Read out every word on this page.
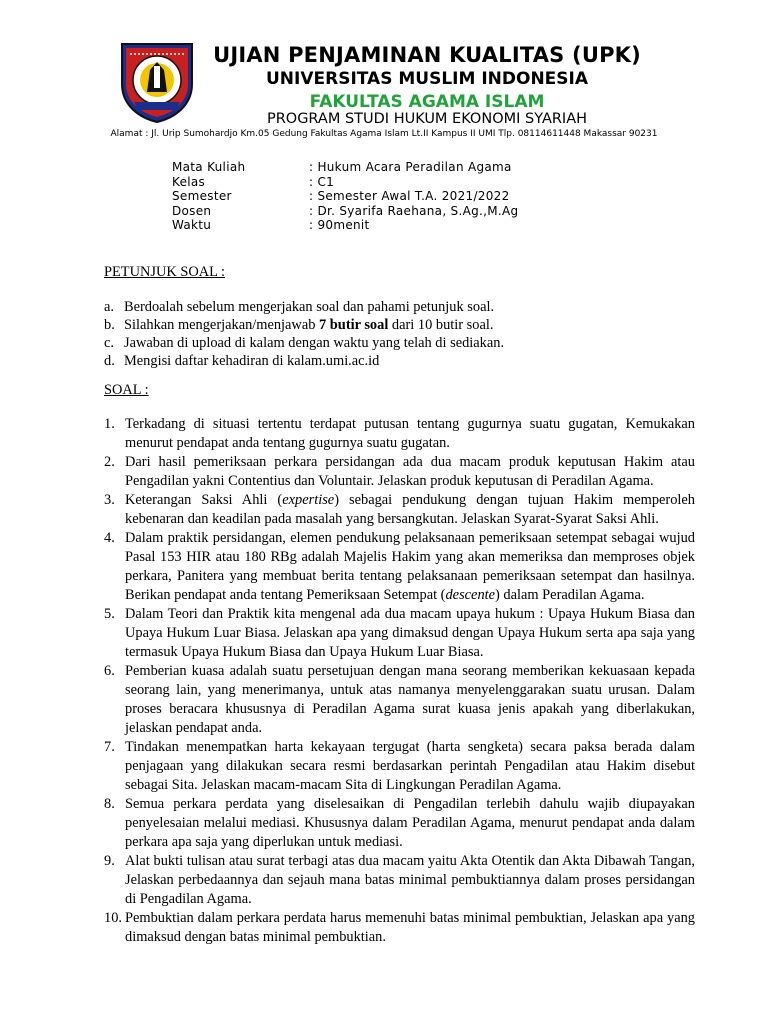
UJIAN PENJAMINAN KUALITAS (UPK)
UNIVERSITAS MUSLIM INDONESIA
FAKULTAS AGAMA ISLAM
PROGRAM STUDI HUKUM EKONOMI SYARIAH
Alamat : Jl. Urip Sumohardjo Km.05 Gedung Fakultas Agama Islam Lt.II Kampus II UMI Tlp. 08114611448 Makassar 90231
Mata Kuliah	: Hukum Acara Peradilan Agama
Kelas	: C1
Semester	: Semester Awal T.A. 2021/2022
Dosen	: Dr. Syarifa Raehana, S.Ag.,M.Ag
Waktu	: 90menit
PETUNJUK SOAL :
a. Berdoalah sebelum mengerjakan soal dan pahami petunjuk soal.
b. Silahkan mengerjakan/menjawab 7 butir soal dari 10 butir soal.
c. Jawaban di upload di kalam dengan waktu yang telah di sediakan.
d. Mengisi daftar kehadiran di kalam.umi.ac.id
SOAL :
1. Terkadang di situasi tertentu terdapat putusan tentang gugurnya suatu gugatan, Kemukakan menurut pendapat anda tentang gugurnya suatu gugatan.
2. Dari hasil pemeriksaan perkara persidangan ada dua macam produk keputusan Hakim atau Pengadilan yakni Contentius dan Voluntair. Jelaskan produk keputusan di Peradilan Agama.
3. Keterangan Saksi Ahli (expertise) sebagai pendukung dengan tujuan Hakim memperoleh kebenaran dan keadilan pada masalah yang bersangkutan. Jelaskan Syarat-Syarat Saksi Ahli.
4. Dalam praktik persidangan, elemen pendukung pelaksanaan pemeriksaan setempat sebagai wujud Pasal 153 HIR atau 180 RBg adalah Majelis Hakim yang akan memeriksa dan memproses objek perkara, Panitera yang membuat berita tentang pelaksanaan pemeriksaan setempat dan hasilnya. Berikan pendapat anda tentang Pemeriksaan Setempat (descente) dalam Peradilan Agama.
5. Dalam Teori dan Praktik kita mengenal ada dua macam upaya hukum : Upaya Hukum Biasa dan Upaya Hukum Luar Biasa. Jelaskan apa yang dimaksud dengan Upaya Hukum serta apa saja yang termasuk Upaya Hukum Biasa dan Upaya Hukum Luar Biasa.
6. Pemberian kuasa adalah suatu persetujuan dengan mana seorang memberikan kekuasaan kepada seorang lain, yang menerimanya, untuk atas namanya menyelenggarakan suatu urusan. Dalam proses beracara khususnya di Peradilan Agama surat kuasa jenis apakah yang diberlakukan, jelaskan pendapat anda.
7. Tindakan menempatkan harta kekayaan tergugat (harta sengketa) secara paksa berada dalam penjagaan yang dilakukan secara resmi berdasarkan perintah Pengadilan atau Hakim disebut sebagai Sita. Jelaskan macam-macam Sita di Lingkungan Peradilan Agama.
8. Semua perkara perdata yang diselesaikan di Pengadilan terlebih dahulu wajib diupayakan penyelesaian melalui mediasi. Khususnya dalam Peradilan Agama, menurut pendapat anda dalam perkara apa saja yang diperlukan untuk mediasi.
9. Alat bukti tulisan atau surat terbagi atas dua macam yaitu Akta Otentik dan Akta Dibawah Tangan, Jelaskan perbedaannya dan sejauh mana batas minimal pembuktiannya dalam proses persidangan di Pengadilan Agama.
10. Pembuktian dalam perkara perdata harus memenuhi batas minimal pembuktian, Jelaskan apa yang dimaksud dengan batas minimal pembuktian.
